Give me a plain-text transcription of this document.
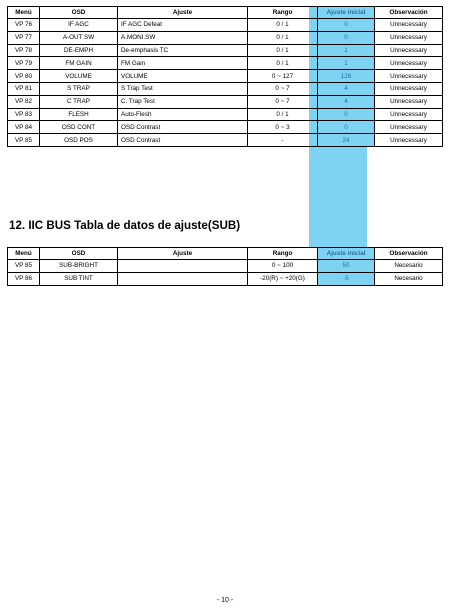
Menú	OSD	Ajuste	Rango	Ajuste inicial	Observación
VP 76	IF AGC	IF AGC Defeat	0 / 1	0	Unnecessary
VP 77	A-OUT SW	A.MONI.SW	0 / 1	0	Unnecessary
VP 78	DE-EMPH	De-emphasis TC	0 / 1	1	Unnecessary
VP 79	FM GAIN	FM Gain	0 / 1	1	Unnecessary
VP 80	VOLUME	VOLUME	0 ~ 127	126	Unnecessary
VP 81	S TRAP	S Trap Test	0 ~ 7	4	Unnecessary
VP 82	C TRAP	C. Trap Test	0 ~ 7	4	Unnecessary
VP 83	FLESH	Auto-Flesh	0 / 1	0	Unnecessary
VP 84	OSD CONT	OSD Contrast	0 ~ 3	0	Unnecessary
VP 85	OSD POS	OSD Contrast	-	24	Unnecessary
12. IIC BUS Tabla de datos de ajuste(SUB)
Menú	OSD	Ajuste	Rango	Ajuste inicial	Observación
VP 85	SUB-BRIGHT		0 ~ 100	50	Necesario
VP 86	SUB TINT		-20(R) ~ +20(G)	-5	Necesario
- 10 -
